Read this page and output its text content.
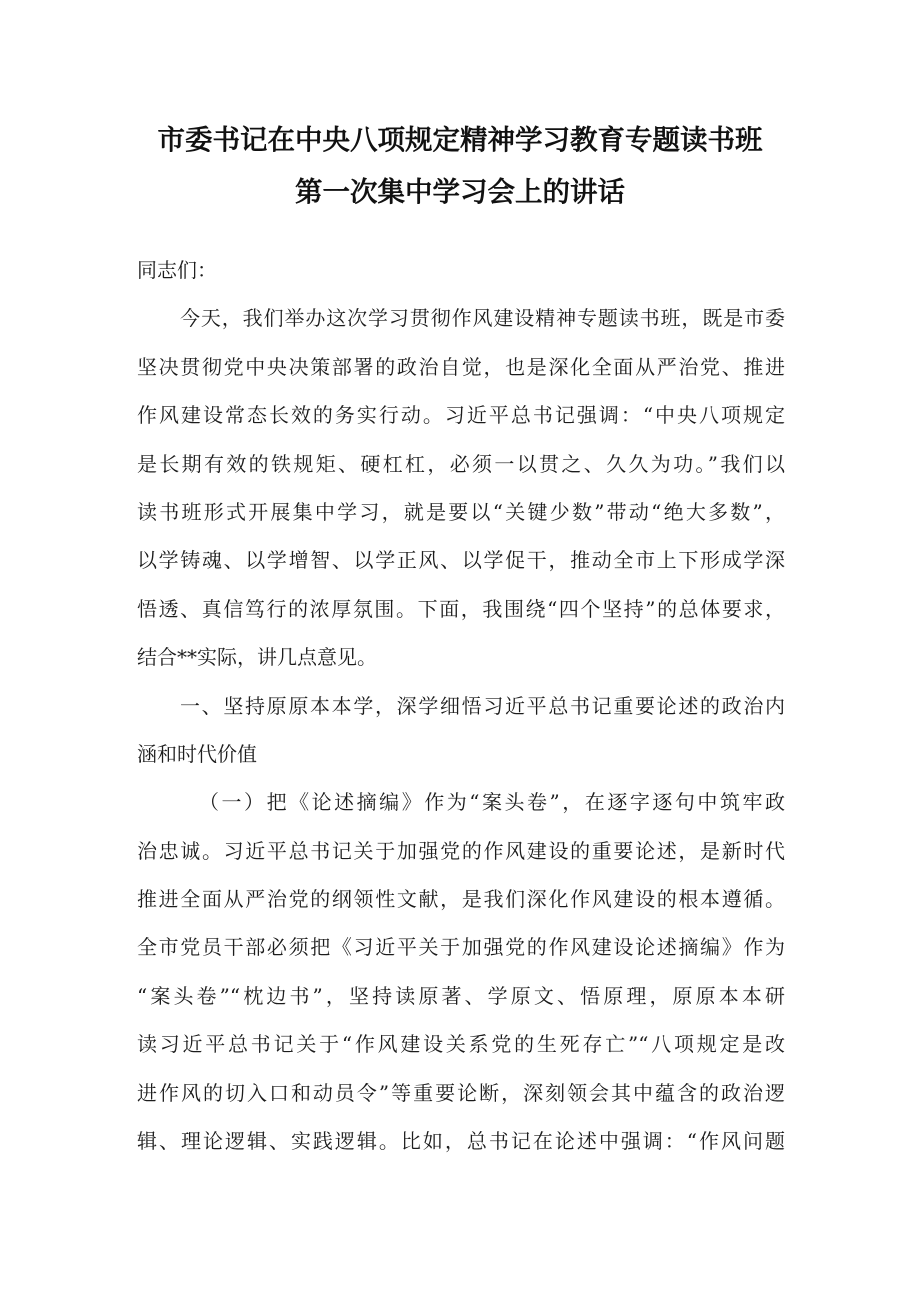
市委书记在中央八项规定精神学习教育专题读书班
第一次集中学习会上的讲话
同志们：
今天，我们举办这次学习贯彻作风建设精神专题读书班，既是市委
坚决贯彻党中央决策部署的政治自觉，也是深化全面从严治党、推进
作风建设常态长效的务实行动。习近平总书记强调：“中央八项规定
是长期有效的铁规矩、硬杠杠，必须一以贯之、久久为功。”我们以
读书班形式开展集中学习，就是要以“关键少数”带动“绝大多数”，
以学铸魂、以学增智、以学正风、以学促干，推动全市上下形成学深
悟透、真信笃行的浓厚氛围。下面，我围绕“四个坚持”的总体要求，
结合**实际，讲几点意见。
一、坚持原原本本学，深学细悟习近平总书记重要论述的政治内
涵和时代价值
（一）把《论述摘编》作为“案头卷”，在逐字逐句中筑牢政
治忠诚。习近平总书记关于加强党的作风建设的重要论述，是新时代
推进全面从严治党的纲领性文献，是我们深化作风建设的根本遵循。
全市党员干部必须把《习近平关于加强党的作风建设论述摘编》作为
“案头卷”“枕边书”，坚持读原著、学原文、悟原理，原原本本研
读习近平总书记关于“作风建设关系党的生死存亡”“八项规定是改
进作风的切入口和动员令”等重要论断，深刻领会其中蕴含的政治逻
辑、理论逻辑、实践逻辑。比如，总书记在论述中强调：“作风问题
